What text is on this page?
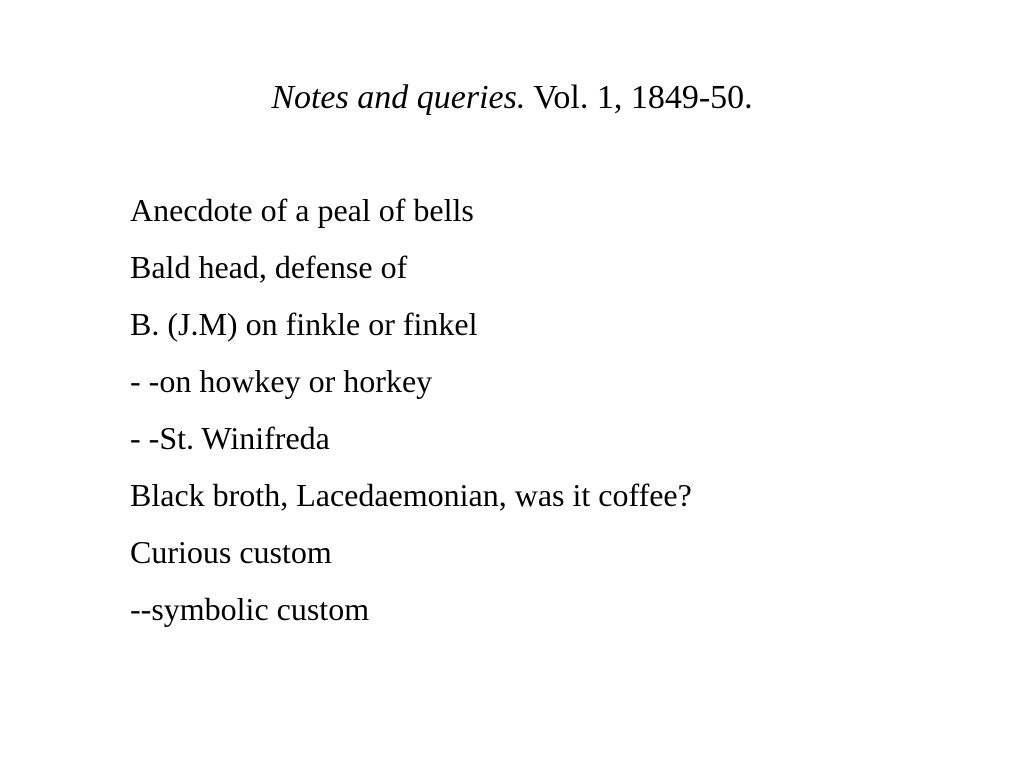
Notes and queries. Vol. 1, 1849-50.
Anecdote of a peal of bells
Bald head, defense of
B. (J.M) on finkle or finkel
- -on howkey or horkey
- -St. Winifreda
Black broth, Lacedaemonian, was it coffee?
Curious custom
--symbolic custom
